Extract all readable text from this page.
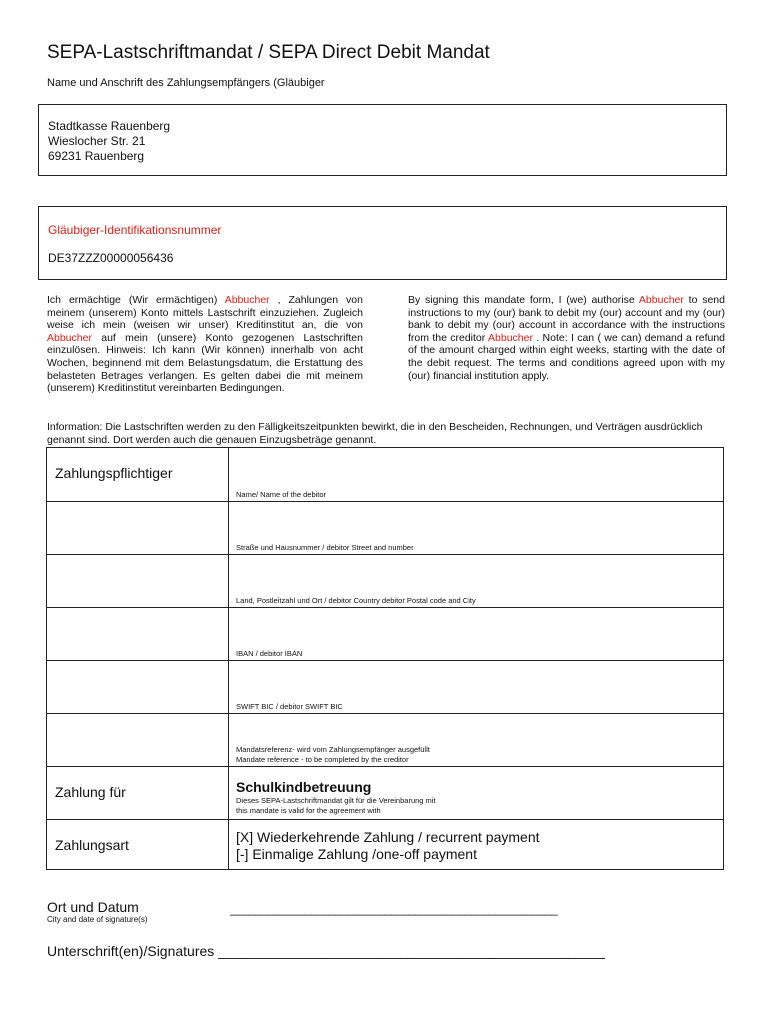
SEPA-Lastschriftmandat / SEPA Direct Debit Mandat
Name und Anschrift des Zahlungsempfängers (Gläubiger
Stadtkasse Rauenberg
Wieslocher Str. 21
69231 Rauenberg
Gläubiger-Identifikationsnummer
DE37ZZZ00000056436
Ich ermächtige (Wir ermächtigen) Abbucher , Zahlungen von meinem (unserem) Konto mittels Lastschrift einzuziehen. Zugleich weise ich mein (weisen wir unser) Kreditinstitut an, die von Abbucher auf mein (unsere) Konto gezogenen Lastschriften einzulösen. Hinweis: Ich kann (Wir können) innerhalb von acht Wochen, beginnend mit dem Belastungsdatum, die Erstattung des belasteten Betrages verlangen. Es gelten dabei die mit meinem (unserem) Kreditinstitut vereinbarten Bedingungen.
By signing this mandate form, I (we) authorise Abbucher to send instructions to my (our) bank to debit my (our) account and my (our) bank to debit my (our) account in accordance with the instructions from the creditor Abbucher . Note: I can ( we can) demand a refund of the amount charged within eight weeks, starting with the date of the debit request. The terms and conditions agreed upon with my (our) financial institution apply.
Information: Die Lastschriften werden zu den Fälligkeitszeitpunkten bewirkt, die in den Bescheiden, Rechnungen, und Verträgen ausdrücklich genannt sind. Dort werden auch die genauen Einzugsbeträge genannt.
Zahlungspflichtiger	Name/ Name of the debitor

	Straße und Hausnummer / debitor Street and number

	Land, Postleitzahl und Ort / debitor Country debitor Postal code and City

	IBAN / debitor IBAN

	SWIFT BIC / debitor SWIFT BIC

	Mandatsreferenz- wird vom Zahlungsempfänger ausgefüllt
Mandate reference - to be completed by the creditor

Zahlung für	Schulkindbetreuung
Dieses SEPA-Lastschriftmandat gilt für die Vereinbarung mit
this mandate is valid for the agreement with

Zahlungsart	[X] Wiederkehrende Zahlung / recurrent payment
[-] Einmalige Zahlung /one-off payment
Ort und Datum
City and date of signature(s)
_____________________________________________________
Unterschrift(en)/Signatures _____________________________________________________
